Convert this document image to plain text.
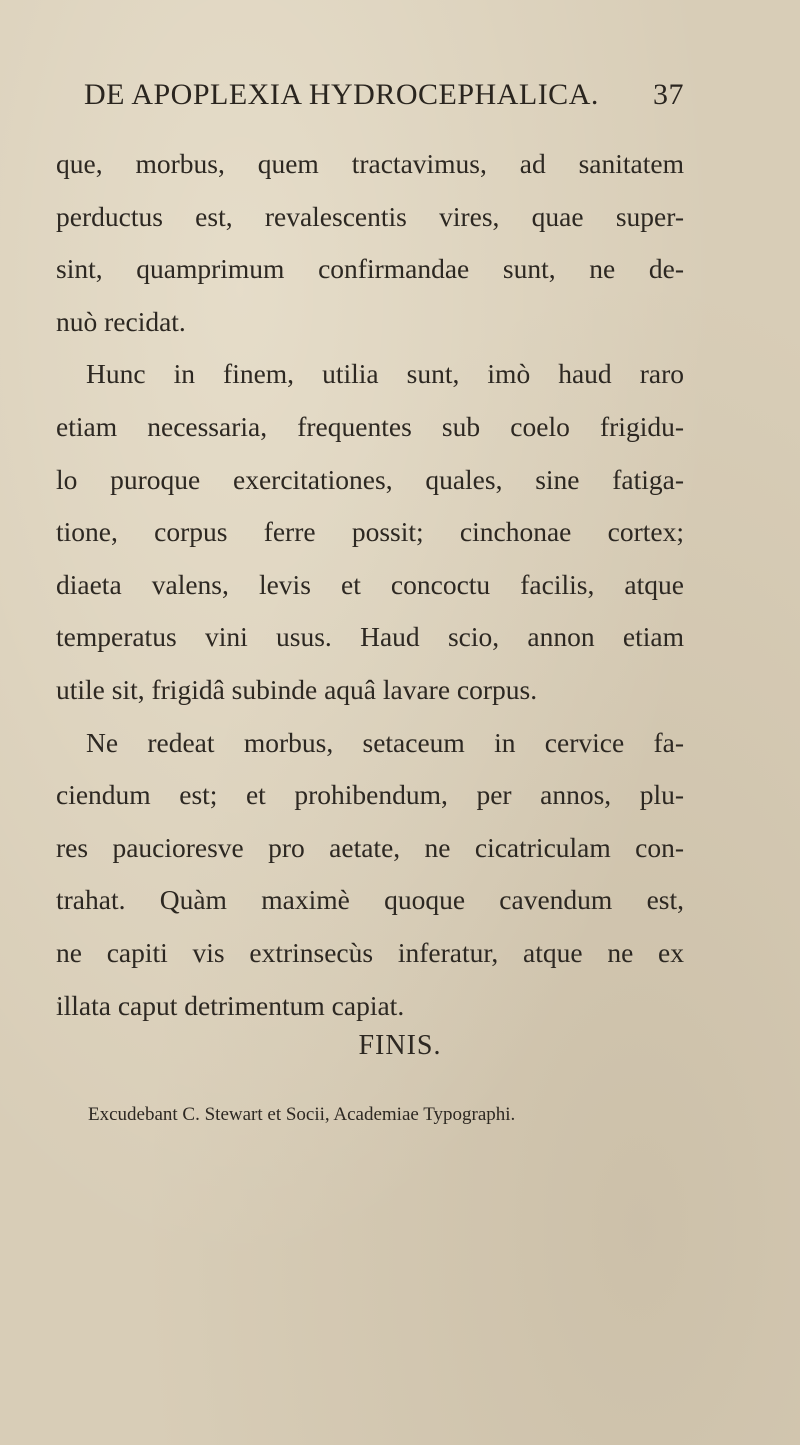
DE APOPLEXIA HYDROCEPHALICA. 37
que, morbus, quem tractavimus, ad sanitatem
perductus est, revalescentis vires, quae super-
sint, quamprimum confirmandae sunt, ne de-
nuò recidat.
Hunc in finem, utilia sunt, imò haud raro
etiam necessaria, frequentes sub coelo frigidu-
lo puroque exercitationes, quales, sine fatiga-
tione, corpus ferre possit; cinchonae cortex;
diaeta valens, levis et concoctu facilis, atque
temperatus vini usus. Haud scio, annon etiam
utile sit, frigidâ subinde aquâ lavare corpus.
Ne redeat morbus, setaceum in cervice fa-
ciendum est; et prohibendum, per annos, plu-
res paucioresve pro aetate, ne cicatriculam con-
trahat. Quàm maximè quoque cavendum est,
ne capiti vis extrinsecùs inferatur, atque ne ex
illata caput detrimentum capiat.
FINIS.
Excudebant C. Stewart et Socii, Academiae Typographi.
